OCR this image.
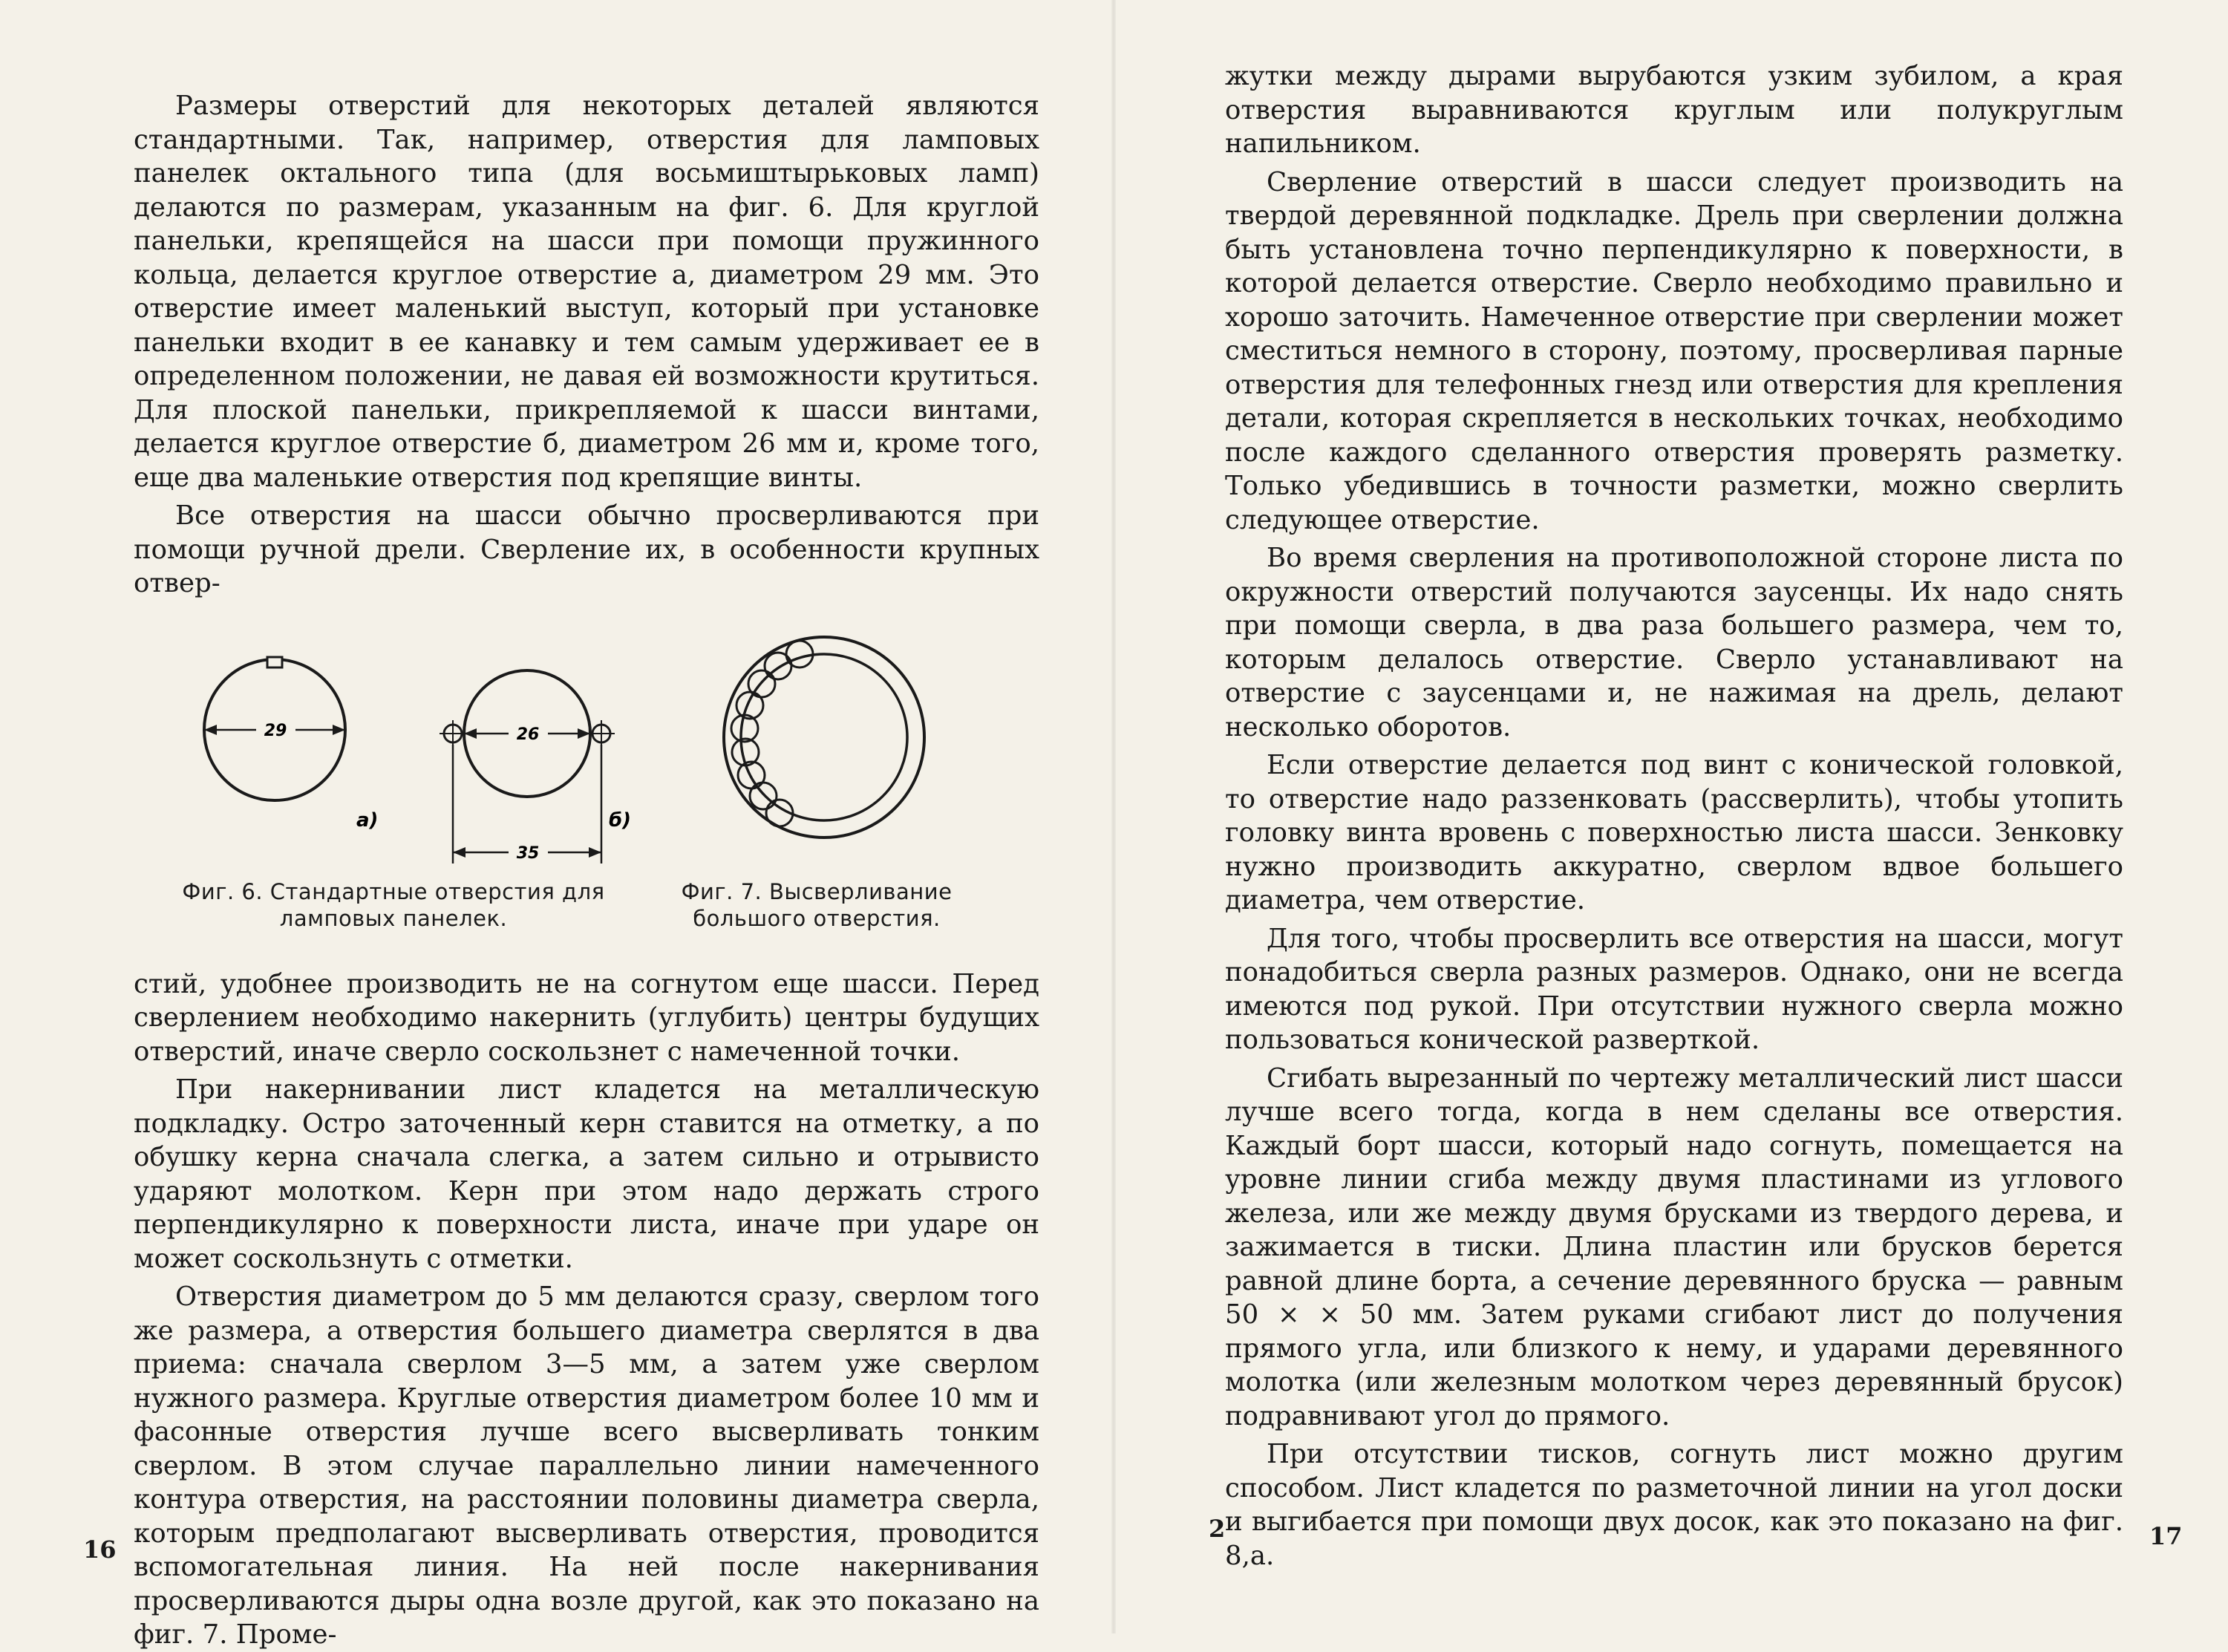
Размеры отверстий для некоторых деталей являются стандартными. Так, например, отверстия для ламповых панелек октального типа (для восьмиштырьковых ламп) делаются по размерам, указанным на фиг. 6. Для круглой панельки, крепящейся на шасси при помощи пружинного кольца, делается круглое отверстие а, диаметром 29 мм. Это отверстие имеет маленький выступ, который при установке панельки входит в ее канавку и тем самым удерживает ее в определенном положении, не давая ей возможности крутиться. Для плоской панельки, прикрепляемой к шасси винтами, делается круглое отверстие б, диаметром 26 мм и, кроме того, еще два маленькие отверстия под крепящие винты.

Все отверстия на шасси обычно просверливаются при помощи ручной дрели. Сверление их, в особенности крупных отвер-

29
а)
26
35
б)
Фиг. 6. Стандартные отверстия для ламповых панелек.
Фиг. 7. Высверливание большого отверстия.

стий, удобнее производить не на согнутом еще шасси. Перед сверлением необходимо накернить (углубить) центры будущих отверстий, иначе сверло соскользнет с намеченной точки.

При накернивании лист кладется на металлическую подкладку. Остро заточенный керн ставится на отметку, а по обушку керна сначала слегка, а затем сильно и отрывисто ударяют молотком. Керн при этом надо держать строго перпендикулярно к поверхности листа, иначе при ударе он может соскользнуть с отметки.

Отверстия диаметром до 5 мм делаются сразу, сверлом того же размера, а отверстия большего диаметра сверлятся в два приема: сначала сверлом 3—5 мм, а затем уже сверлом нужного размера. Круглые отверстия диаметром более 10 мм и фасонные отверстия лучше всего высверливать тонким сверлом. В этом случае параллельно линии намеченного контура отверстия, на расстоянии половины диаметра сверла, которым предполагают высверливать отверстия, проводится вспомогательная линия. На ней после накернивания просверливаются дыры одна возле другой, как это показано на фиг. 7. Проме-

16

жутки между дырами вырубаются узким зубилом, а края отверстия выравниваются круглым или полукруглым напильником.

Сверление отверстий в шасси следует производить на твердой деревянной подкладке. Дрель при сверлении должна быть установлена точно перпендикулярно к поверхности, в которой делается отверстие. Сверло необходимо правильно и хорошо заточить. Намеченное отверстие при сверлении может сместиться немного в сторону, поэтому, просверливая парные отверстия для телефонных гнезд или отверстия для крепления детали, которая скрепляется в нескольких точках, необходимо после каждого сделанного отверстия проверять разметку. Только убедившись в точности разметки, можно сверлить следующее отверстие.

Во время сверления на противоположной стороне листа по окружности отверстий получаются заусенцы. Их надо снять при помощи сверла, в два раза большего размера, чем то, которым делалось отверстие. Сверло устанавливают на отверстие с заусенцами и, не нажимая на дрель, делают несколько оборотов.

Если отверстие делается под винт с конической головкой, то отверстие надо раззенковать (рассверлить), чтобы утопить головку винта вровень с поверхностью листа шасси. Зенковку нужно производить аккуратно, сверлом вдвое большего диаметра, чем отверстие.

Для того, чтобы просверлить все отверстия на шасси, могут понадобиться сверла разных размеров. Однако, они не всегда имеются под рукой. При отсутствии нужного сверла можно пользоваться конической разверткой.

Сгибать вырезанный по чертежу металлический лист шасси лучше всего тогда, когда в нем сделаны все отверстия. Каждый борт шасси, который надо согнуть, помещается на уровне линии сгиба между двумя пластинами из углового железа, или же между двумя брусками из твердого дерева, и зажимается в тиски. Длина пластин или брусков берется равной длине борта, а сечение деревянного бруска — равным 50 × × 50 мм. Затем руками сгибают лист до получения прямого угла, или близкого к нему, и ударами деревянного молотка (или железным молотком через деревянный брусок) подравнивают угол до прямого.

При отсутствии тисков, согнуть лист можно другим способом. Лист кладется по разметочной линии на угол доски и выгибается при помощи двух досок, как это показано на фиг. 8,а.

2	17
